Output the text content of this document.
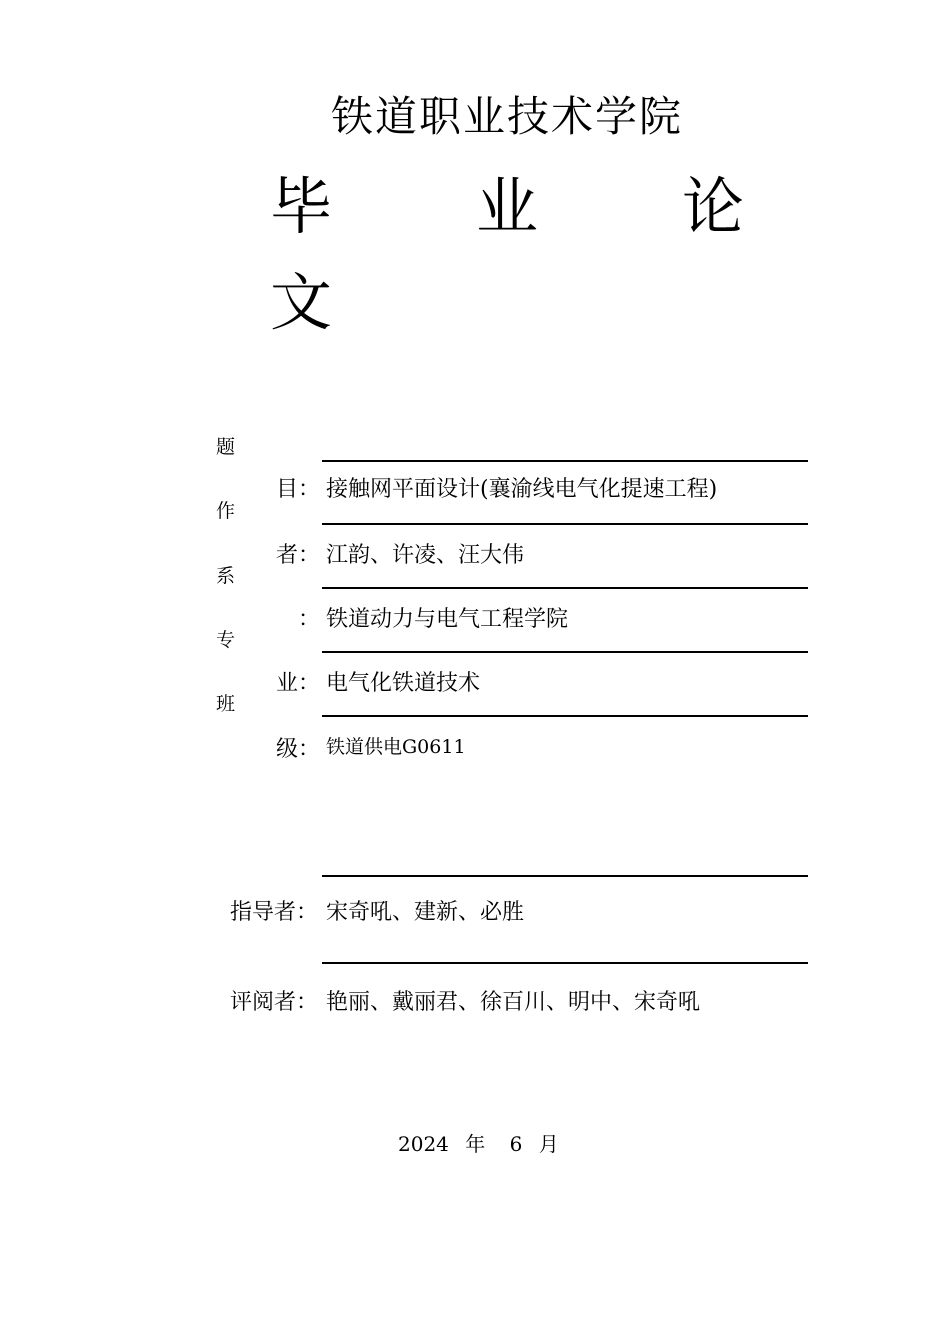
铁道职业技术学院
毕 业 论
文
题
作
系
专
班
目： 接触网平面设计(襄渝线电气化提速工程)
者： 江韵、许凌、汪大伟
： 铁道动力与电气工程学院
业： 电气化铁道技术
级： 铁道供电G0611
指导者： 宋奇吼、建新、必胜
评阅者： 艳丽、戴丽君、徐百川、明中、宋奇吼
2024 年 6 月
